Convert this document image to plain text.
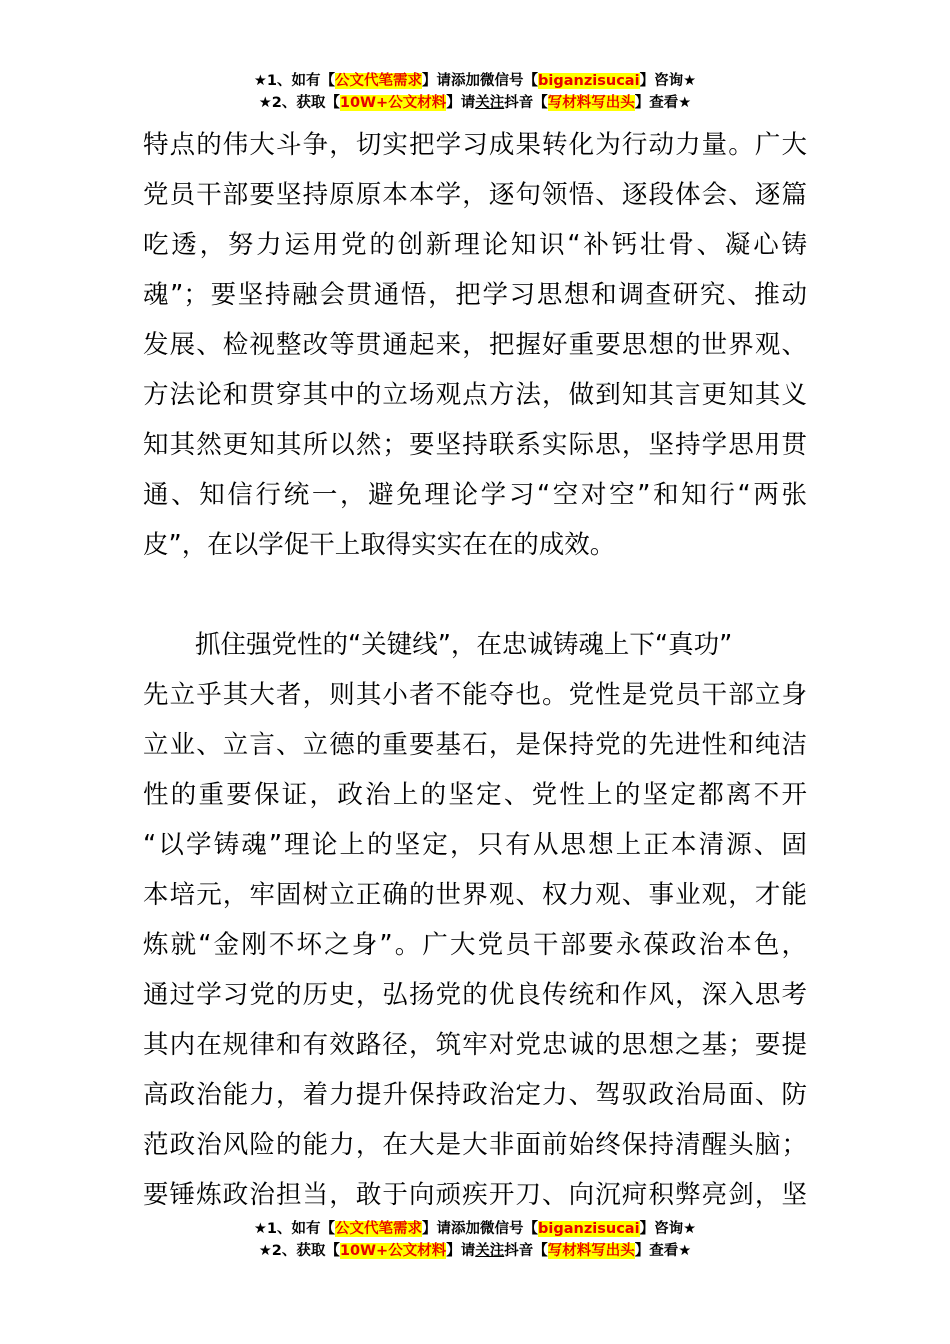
★1、如有【公文代笔需求】请添加微信号【biganzisucai】咨询★
★2、获取【10W+公文材料】请关注抖音【写材料写出头】查看★
特点的伟大斗争，切实把学习成果转化为行动力量。广大
党员干部要坚持原原本本学，逐句领悟、逐段体会、逐篇
吃透，努力运用党的创新理论知识“补钙壮骨、凝心铸
魂”；要坚持融会贯通悟，把学习思想和调查研究、推动
发展、检视整改等贯通起来，把握好重要思想的世界观、
方法论和贯穿其中的立场观点方法，做到知其言更知其义
知其然更知其所以然；要坚持联系实际思，坚持学思用贯
通、知信行统一，避免理论学习“空对空”和知行“两张
皮”，在以学促干上取得实实在在的成效。
抓住强党性的“关键线”，在忠诚铸魂上下“真功”
先立乎其大者，则其小者不能夺也。党性是党员干部立身
立业、立言、立德的重要基石，是保持党的先进性和纯洁
性的重要保证，政治上的坚定、党性上的坚定都离不开
“以学铸魂”理论上的坚定，只有从思想上正本清源、固
本培元，牢固树立正确的世界观、权力观、事业观，才能
炼就“金刚不坏之身”。广大党员干部要永葆政治本色，
通过学习党的历史，弘扬党的优良传统和作风，深入思考
其内在规律和有效路径，筑牢对党忠诚的思想之基；要提
高政治能力，着力提升保持政治定力、驾驭政治局面、防
范政治风险的能力，在大是大非面前始终保持清醒头脑；
要锤炼政治担当，敢于向顽疾开刀、向沉疴积弊亮剑，坚
★1、如有【公文代笔需求】请添加微信号【biganzisucai】咨询★
★2、获取【10W+公文材料】请关注抖音【写材料写出头】查看★
